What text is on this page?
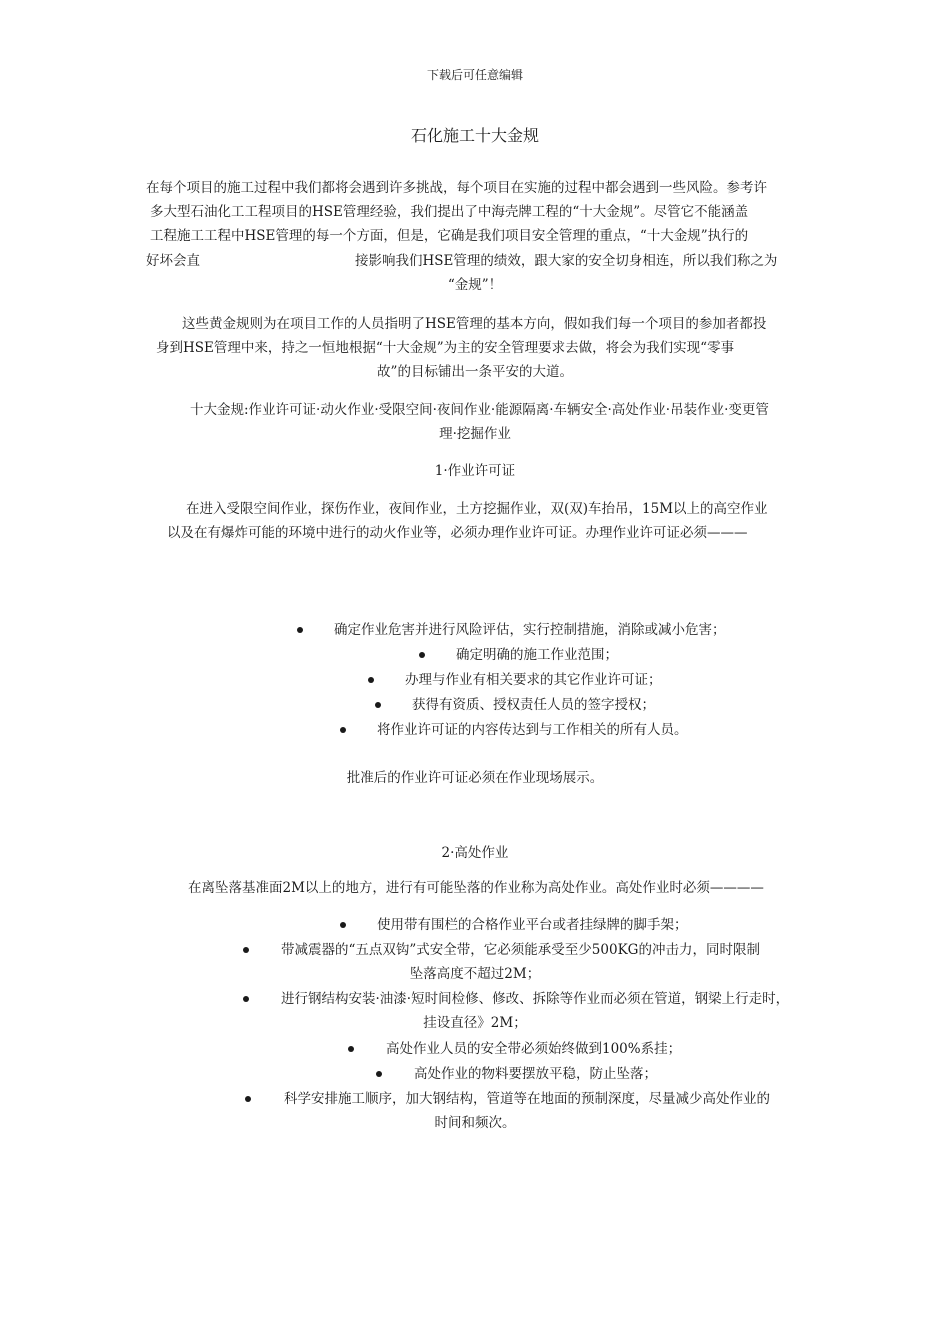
下载后可任意编辑
石化施工十大金规
在每个项目的施工过程中我们都将会遇到许多挑战，每个项目在实施的过程中都会遇到一些风险。参考许
多大型石油化工工程项目的HSE管理经验，我们提出了中海壳牌工程的“十大金规”。尽管它不能涵盖
工程施工工程中HSE管理的每一个方面，但是，它确是我们项目安全管理的重点，“十大金规”执行的
好坏会直	接影响我们HSE管理的绩效，跟大家的安全切身相连，所以我们称之为
“金规”！
这些黄金规则为在项目工作的人员指明了HSE管理的基本方向，假如我们每一个项目的参加者都投
身到HSE管理中来，持之一恒地根据“十大金规”为主的安全管理要求去做，将会为我们实现“零事
故”的目标铺出一条平安的大道。
十大金规:作业许可证·动火作业·受限空间·夜间作业·能源隔离·车辆安全·高处作业·吊装作业·变更管
理·挖掘作业
1·作业许可证
在进入受限空间作业，探伤作业，夜间作业，土方挖掘作业，双(双)车抬吊，15M以上的高空作业
以及在有爆炸可能的环境中进行的动火作业等，必须办理作业许可证。办理作业许可证必须———
确定作业危害并进行风险评估，实行控制措施，消除或减小危害；
确定明确的施工作业范围；
办理与作业有相关要求的其它作业许可证；
获得有资质、授权责任人员的签字授权；
将作业许可证的内容传达到与工作相关的所有人员。
批准后的作业许可证必须在作业现场展示。
2·高处作业
在离坠落基准面2M以上的地方，进行有可能坠落的作业称为高处作业。高处作业时必须————
使用带有围栏的合格作业平台或者挂绿牌的脚手架；
带减震器的“五点双钩”式安全带，它必须能承受至少500KG的冲击力，同时限制
坠落高度不超过2M；
进行钢结构安装·油漆·短时间检修、修改、拆除等作业而必须在管道，钢梁上行走时，
挂设直径》2M；
高处作业人员的安全带必须始终做到100%系挂；
高处作业的物料要摆放平稳，防止坠落；
科学安排施工顺序，加大钢结构，管道等在地面的预制深度，尽量减少高处作业的
时间和频次。
